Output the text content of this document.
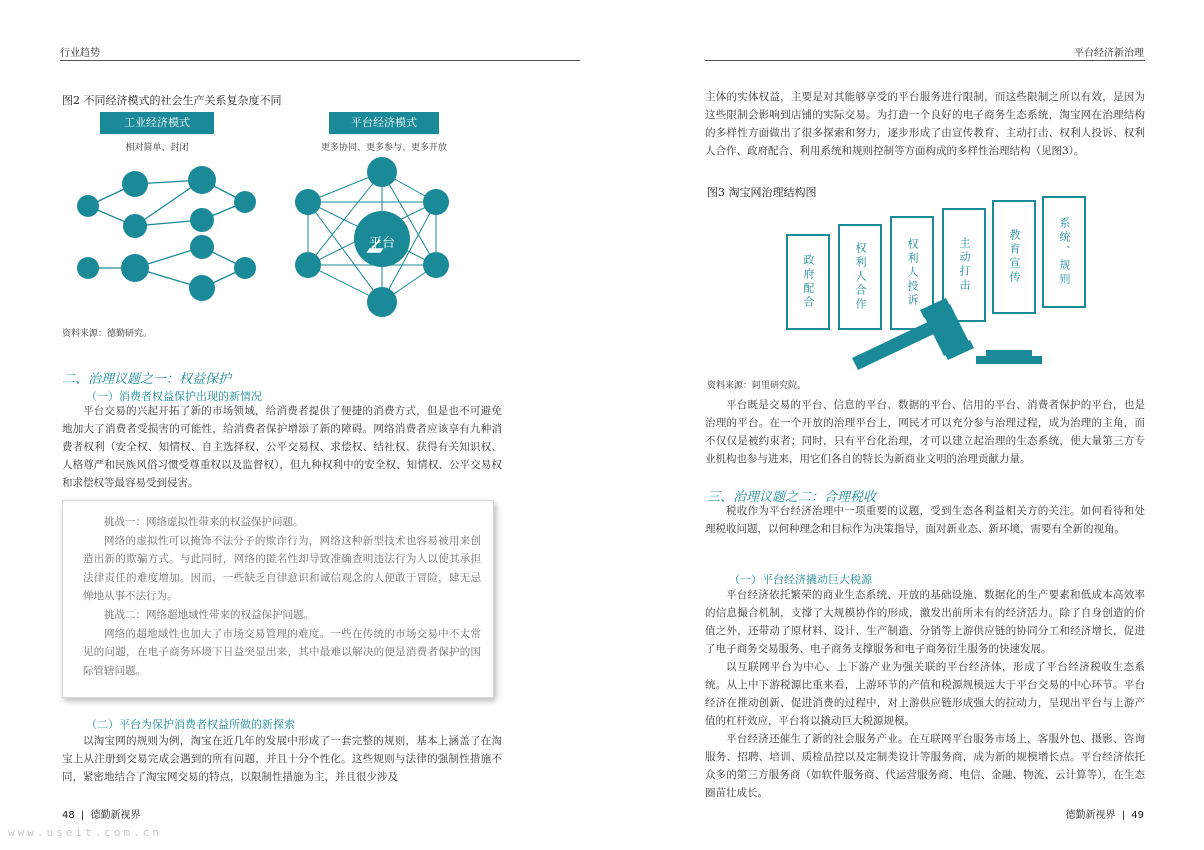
行业趋势	平台经济新治理
图2 不同经济模式的社会生产关系复杂度不同
工业经济模式
相对简单、封闭
平台经济模式
更多协同、更多参与、更多开放
平台
资料来源：德勤研究。
二、治理议题之一：权益保护
（一）消费者权益保护出现的新情况

平台交易的兴起开拓了新的市场领域，给消费者提供了便捷的消费方式，但是也不可避免地加大了消费者受损害的可能性，给消费者保护增添了新的障碍。网络消费者应该享有九种消费者权利（安全权、知情权、自主选择权、公平交易权、求偿权、结社权、获得有关知识权、人格尊严和民族风俗习惯受尊重权以及监督权），但九种权利中的安全权、知情权、公平交易权和求偿权等最容易受到侵害。

挑战一：网络虚拟性带来的权益保护问题。

网络的虚拟性可以掩饰不法分子的欺诈行为，网络这种新型技术也容易被用来创造出新的欺骗方式。与此同时，网络的匿名性却导致准确查明违法行为人以使其承担法律责任的难度增加。因而，一些缺乏自律意识和诚信观念的人便敢于冒险，肆无忌惮地从事不法行为。

挑战二：网络超地域性带来的权益保护问题。

网络的超地域性也加大了市场交易管理的难度。一些在传统的市场交易中不太常见的问题，在电子商务环境下日益突显出来，其中最难以解决的便是消费者保护的国际管辖问题。

（二）平台为保护消费者权益所做的新探索

以淘宝网的规则为例，淘宝在近几年的发展中形成了一套完整的规则，基本上涵盖了在淘宝上从注册到交易完成会遇到的所有问题，并且十分个性化。这些规则与法律的强制性措施不同，紧密地结合了淘宝网交易的特点，以限制性措施为主，并且很少涉及

主体的实体权益，主要是对其能够享受的平台服务进行限制，而这些限制之所以有效，是因为这些限制会影响到店铺的实际交易。为打造一个良好的电子商务生态系统，淘宝网在治理结构的多样性方面做出了很多探索和努力，逐步形成了由宣传教育、主动打击、权利人投诉、权利人合作、政府配合、利用系统和规则控制等方面构成的多样性治理结构（见图3）。

图3 淘宝网治理结构图
政府配合	权利人合作	权利人投诉	主动打击	教育宣传	系统、规则
资料来源：阿里研究院。

平台既是交易的平台、信息的平台、数据的平台、信用的平台、消费者保护的平台，也是治理的平台。在一个开放的治理平台上，网民才可以充分参与治理过程，成为治理的主角，而不仅仅是被约束者；同时，只有平台化治理，才可以建立起治理的生态系统，使大量第三方专业机构也参与进来，用它们各自的特长为新商业文明的治理贡献力量。

三、治理议题之二：合理税收

税收作为平台经济治理中一项重要的议题，受到生态各利益相关方的关注。如何看待和处理税收问题，以何种理念和目标作为决策指导，面对新业态、新环境，需要有全新的视角。

（一）平台经济撬动巨大税源

平台经济依托繁荣的商业生态系统、开放的基础设施、数据化的生产要素和低成本高效率的信息撮合机制，支撑了大规模协作的形成，激发出前所未有的经济活力。除了自身创造的价值之外，还带动了原材料、设计、生产制造、分销等上游供应链的协同分工和经济增长，促进了电子商务交易服务、电子商务支撑服务和电子商务衍生服务的快速发展。

以互联网平台为中心、上下游产业为强关联的平台经济体，形成了平台经济税收生态系统。从上中下游税源比重来看，上游环节的产值和税源规模远大于平台交易的中心环节。平台经济在推动创新、促进消费的过程中，对上游供应链形成强大的拉动力，呈现出平台与上游产值的杠杆效应，平台将以撬动巨大税源规模。

平台经济还催生了新的社会服务产业。在互联网平台服务市场上，客服外包、摄影、咨询服务、招聘、培训、质检品控以及定制类设计等服务商，成为新的规模增长点。平台经济依托众多的第三方服务商（如软件服务商、代运营服务商、电信、金融、物流、云计算等），在生态圈苗壮成长。

48 | 德勤新视界	德勤新视界 | 49
www.useit.com.cn
